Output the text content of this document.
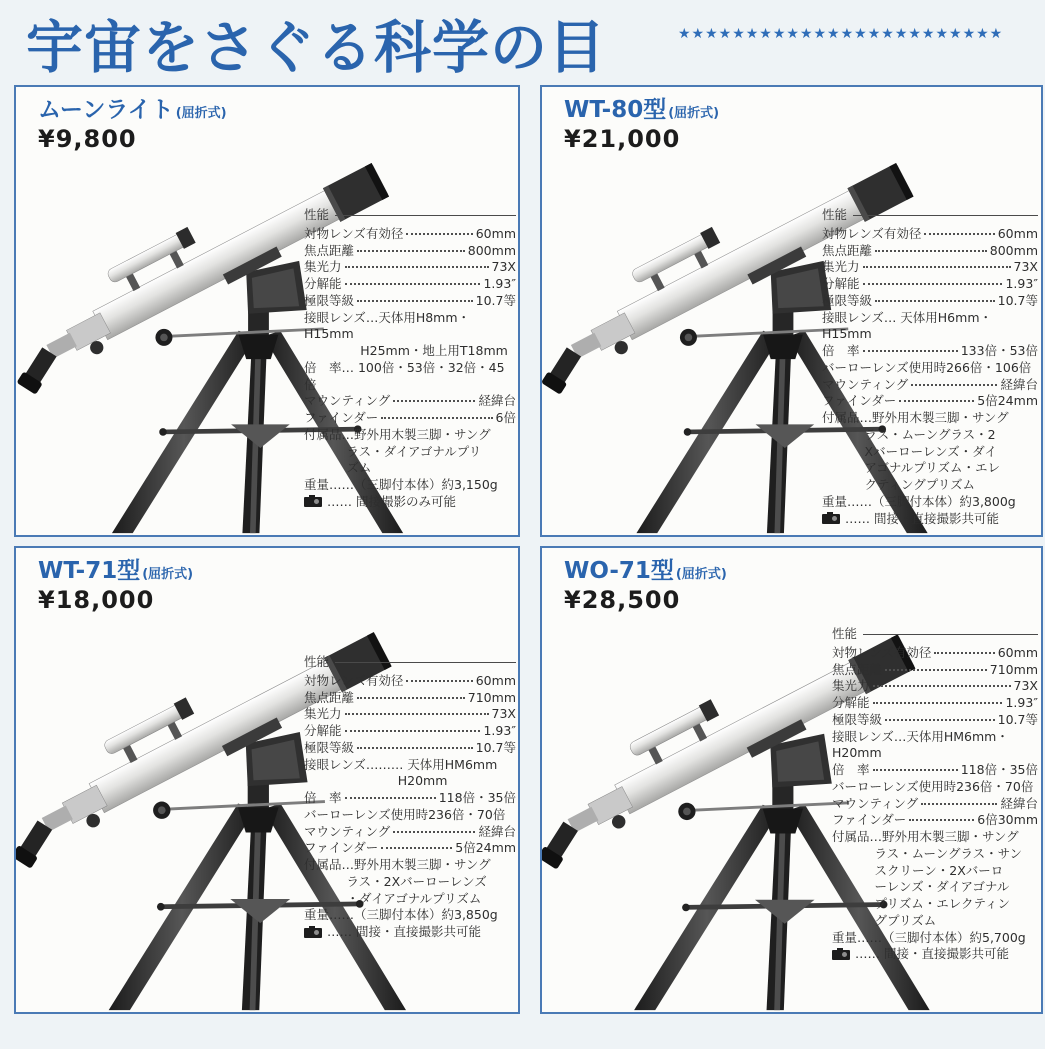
宇宙をさぐる科学の目	★★★★★★★★★★★★★★★★★★★★★★★★
ムーンライト (屈折式)
¥9,800
性能
対物レンズ有効径	60mm
焦点距離	800mm
集光力	73X
分解能	1.93″
極限等級	10.7等
接眼レンズ…天体用H8mm・H15mm
H25mm・地上用T18mm
倍　率… 100倍・53倍・32倍・45倍
マウンティング	経緯台
ファインダー	6倍
付属品…野外用木製三脚・サング
ラス・ダイアゴナルプリ
ズム
重量……（三脚付本体）約3,150g
…… 間接撮影のみ可能
WT-80型 (屈折式)
¥21,000
性能
対物レンズ有効径	60mm
焦点距離	800mm
集光力	73X
分解能	1.93″
極限等級	10.7等
接眼レンズ… 天体用H6mm・H15mm
倍　率	133倍・53倍
バーローレンズ使用時266倍・106倍
マウンティング	経緯台
ファインダー	5倍24mm
付属品…野外用木製三脚・サング
ラス・ムーングラス・2
Xバーローレンズ・ダイ
アゴナルプリズム・エレ
クティングプリズム
重量……（三脚付本体）約3,800g
…… 間接・直接撮影共可能
WT-71型 (屈折式)
¥18,000
性能
対物レンズ有効径	60mm
焦点距離	710mm
集光力	73X
分解能	1.93″
極限等級	10.7等
接眼レンズ……… 天体用HM6mm
H20mm
倍　率	118倍・35倍
バーローレンズ使用時236倍・70倍
マウンティング	経緯台
ファインダー	5倍24mm
付属品…野外用木製三脚・サング
ラス・2Xバーローレンズ
・ダイアゴナルプリズム
重量……（三脚付本体）約3,850g
…… 間接・直接撮影共可能
WO-71型 (屈折式)
¥28,500
性能
対物レンズ有効径	60mm
焦点距離	710mm
集光力	73X
分解能	1.93″
極限等級	10.7等
接眼レンズ…天体用HM6mm・H20mm
倍　率	118倍・35倍
バーローレンズ使用時236倍・70倍
マウンティング	経緯台
ファインダー	6倍30mm
付属品…野外用木製三脚・サング
ラス・ムーングラス・サン
スクリーン・2Xバーロ
ーレンズ・ダイアゴナル
プリズム・エレクティン
グプリズム
重量……（三脚付本体）約5,700g
…… 間接・直接撮影共可能
